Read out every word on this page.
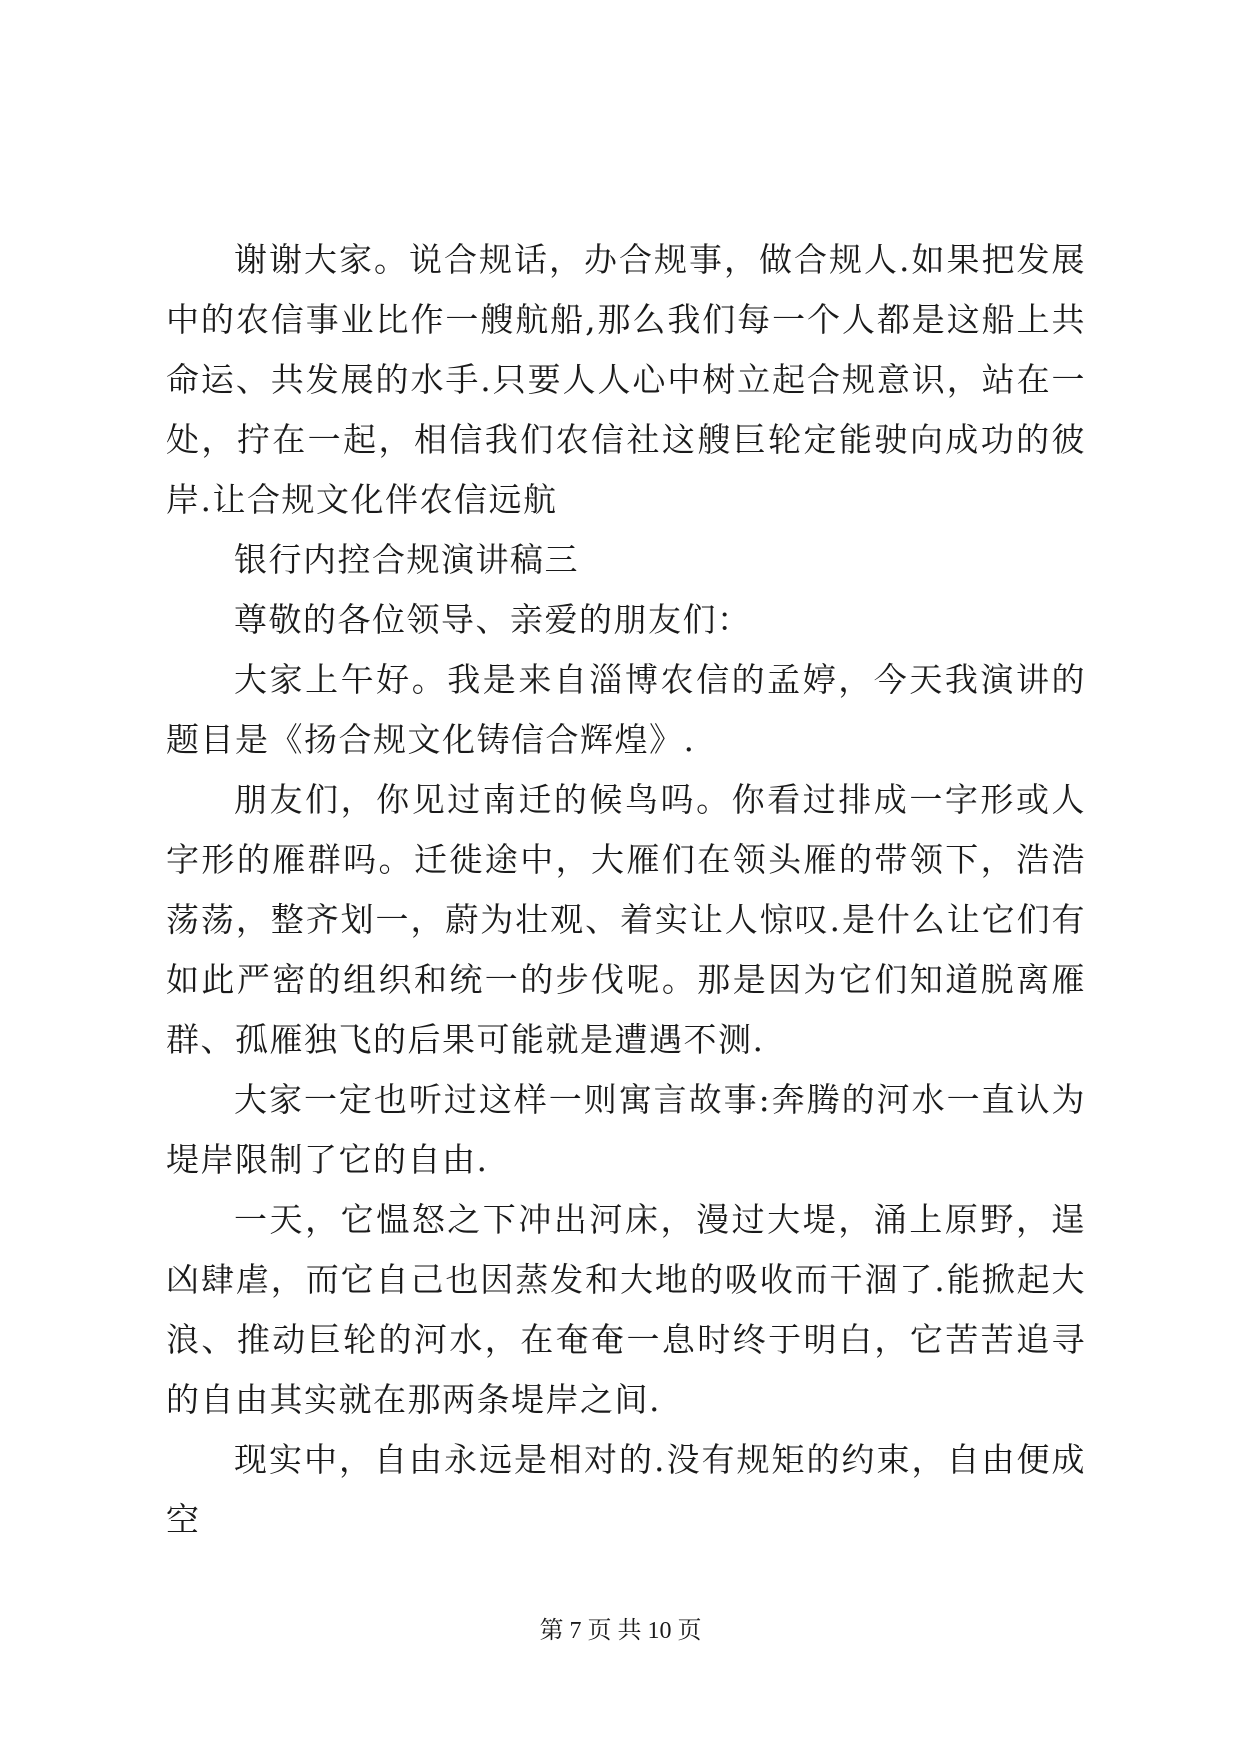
谢谢大家。说合规话，办合规事，做合规人.如果把发展中的农信事业比作一艘航船,那么我们每一个人都是这船上共命运、共发展的水手.只要人人心中树立起合规意识，站在一处，拧在一起，相信我们农信社这艘巨轮定能驶向成功的彼岸.让合规文化伴农信远航

银行内控合规演讲稿三

尊敬的各位领导、亲爱的朋友们：

大家上午好。我是来自淄博农信的孟婷，今天我演讲的题目是《扬合规文化铸信合辉煌》.

朋友们，你见过南迁的候鸟吗。你看过排成一字形或人字形的雁群吗。迁徙途中，大雁们在领头雁的带领下，浩浩荡荡，整齐划一，蔚为壮观、着实让人惊叹.是什么让它们有如此严密的组织和统一的步伐呢。那是因为它们知道脱离雁群、孤雁独飞的后果可能就是遭遇不测.

大家一定也听过这样一则寓言故事:奔腾的河水一直认为堤岸限制了它的自由.

一天，它愠怒之下冲出河床，漫过大堤，涌上原野，逞凶肆虐，而它自己也因蒸发和大地的吸收而干涸了.能掀起大浪、推动巨轮的河水，在奄奄一息时终于明白，它苦苦追寻的自由其实就在那两条堤岸之间.

现实中，自由永远是相对的.没有规矩的约束，自由便成空

第 7 页 共 10 页
